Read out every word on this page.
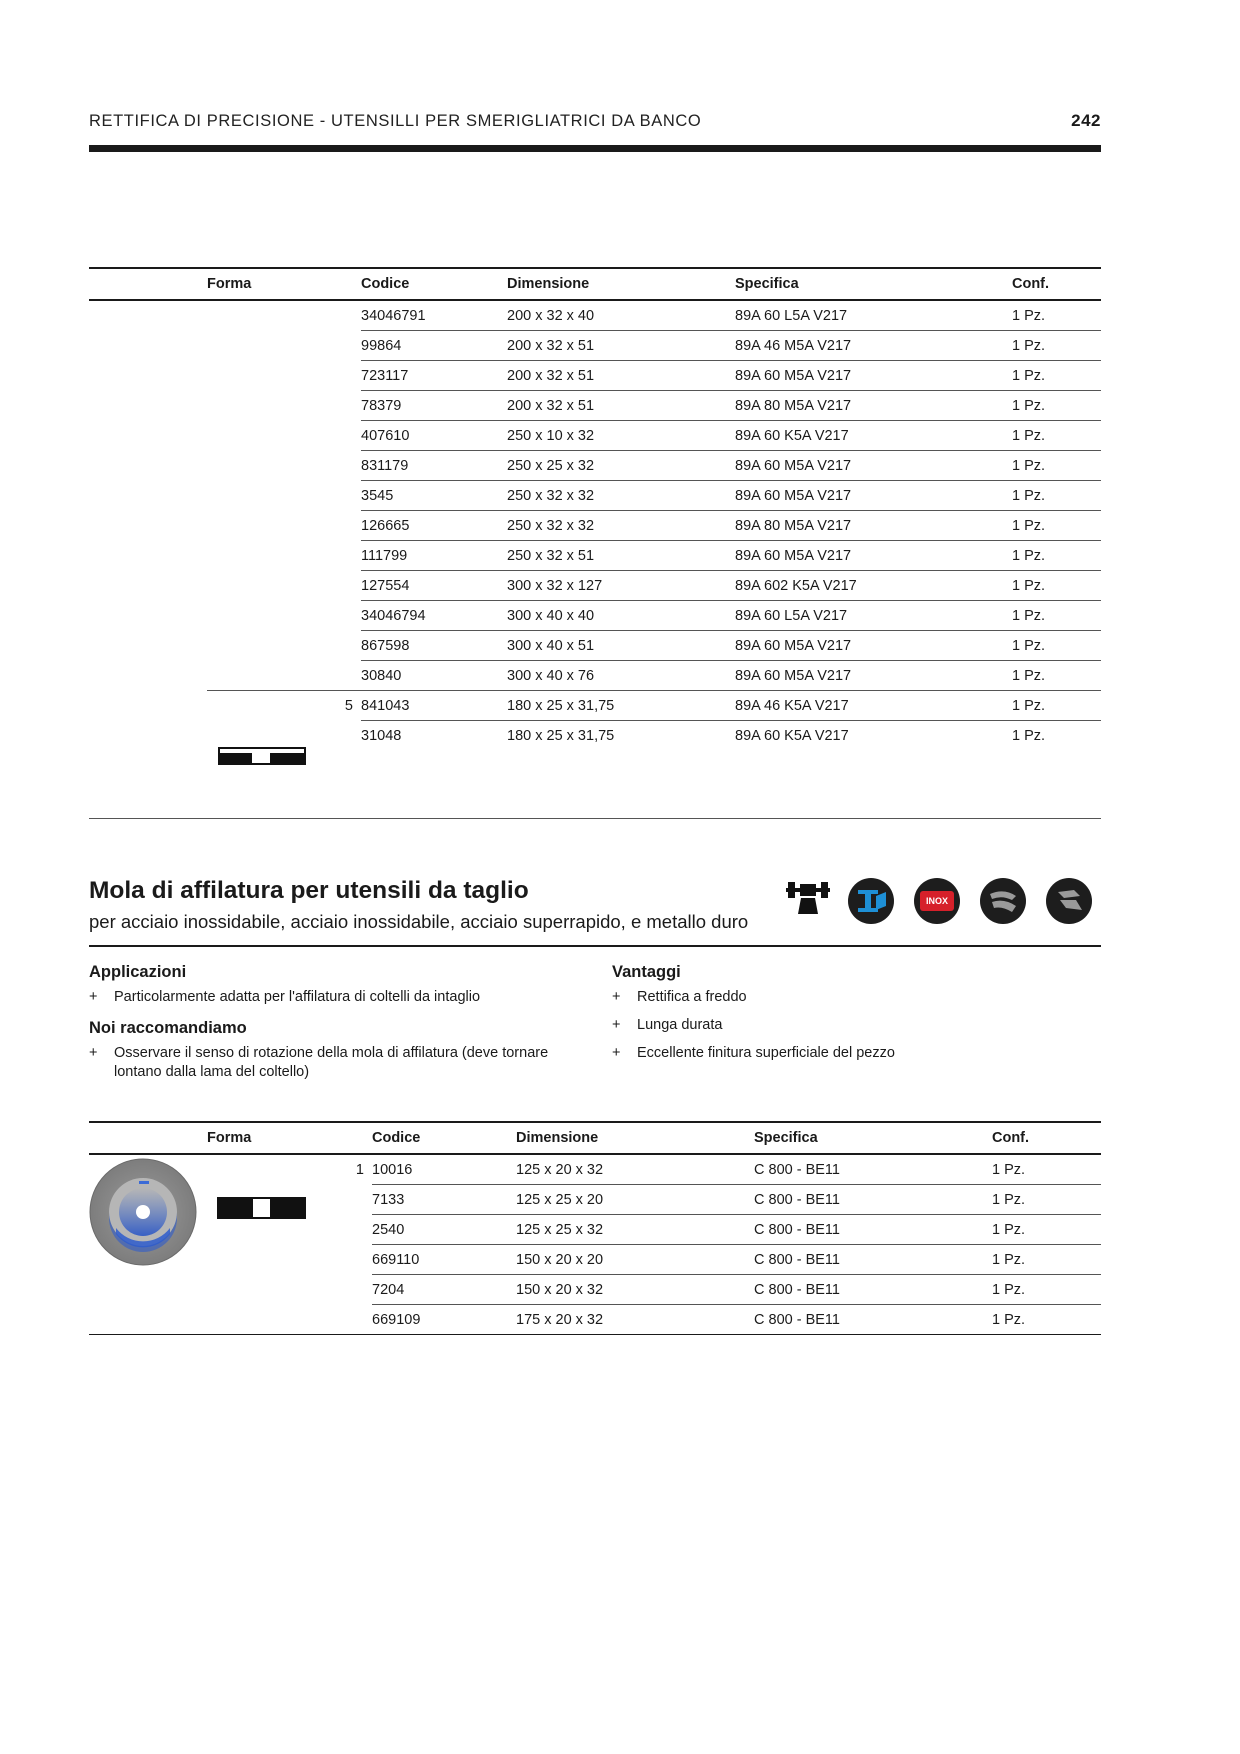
RETTIFICA DI PRECISIONE - UTENSILLI PER SMERIGLIATRICI DA BANCO	242
	Forma	Codice	Dimensione	Specifica	Conf.
		34046791	200 x 32 x 40	89A 60 L5A V217	1 Pz.
		99864	200 x 32 x 51	89A 46 M5A V217	1 Pz.
		723117	200 x 32 x 51	89A 60 M5A V217	1 Pz.
		78379	200 x 32 x 51	89A 80 M5A V217	1 Pz.
		407610	250 x 10 x 32	89A 60 K5A V217	1 Pz.
		831179	250 x 25 x 32	89A 60 M5A V217	1 Pz.
		3545	250 x 32 x 32	89A 60 M5A V217	1 Pz.
		126665	250 x 32 x 32	89A 80 M5A V217	1 Pz.
		111799	250 x 32 x 51	89A 60 M5A V217	1 Pz.
		127554	300 x 32 x 127	89A 602 K5A V217	1 Pz.
		34046794	300 x 40 x 40	89A 60 L5A V217	1 Pz.
		867598	300 x 40 x 51	89A 60 M5A V217	1 Pz.
		30840	300 x 40 x 76	89A 60 M5A V217	1 Pz.
	5	841043	180 x 25 x 31,75	89A 46 K5A V217	1 Pz.
		31048	180 x 25 x 31,75	89A 60 K5A V217	1 Pz.
Mola di affilatura per utensili da taglio
per acciaio inossidabile, acciaio inossidabile, acciaio superrapido, e metallo duro
INOX
Applicazioni
+ Particolarmente adatta per l'affilatura di coltelli da intaglio
Noi raccomandiamo
+ Osservare il senso di rotazione della mola di affilatura (deve tornare lontano dalla lama del coltello)
Vantaggi
+ Rettifica a freddo
+ Lunga durata
+ Eccellente finitura superficiale del pezzo
	Forma	Codice	Dimensione	Specifica	Conf.
	1	10016	125 x 20 x 32	C 800 - BE11	1 Pz.
		7133	125 x 25 x 20	C 800 - BE11	1 Pz.
		2540	125 x 25 x 32	C 800 - BE11	1 Pz.
		669110	150 x 20 x 20	C 800 - BE11	1 Pz.
		7204	150 x 20 x 32	C 800 - BE11	1 Pz.
		669109	175 x 20 x 32	C 800 - BE11	1 Pz.
